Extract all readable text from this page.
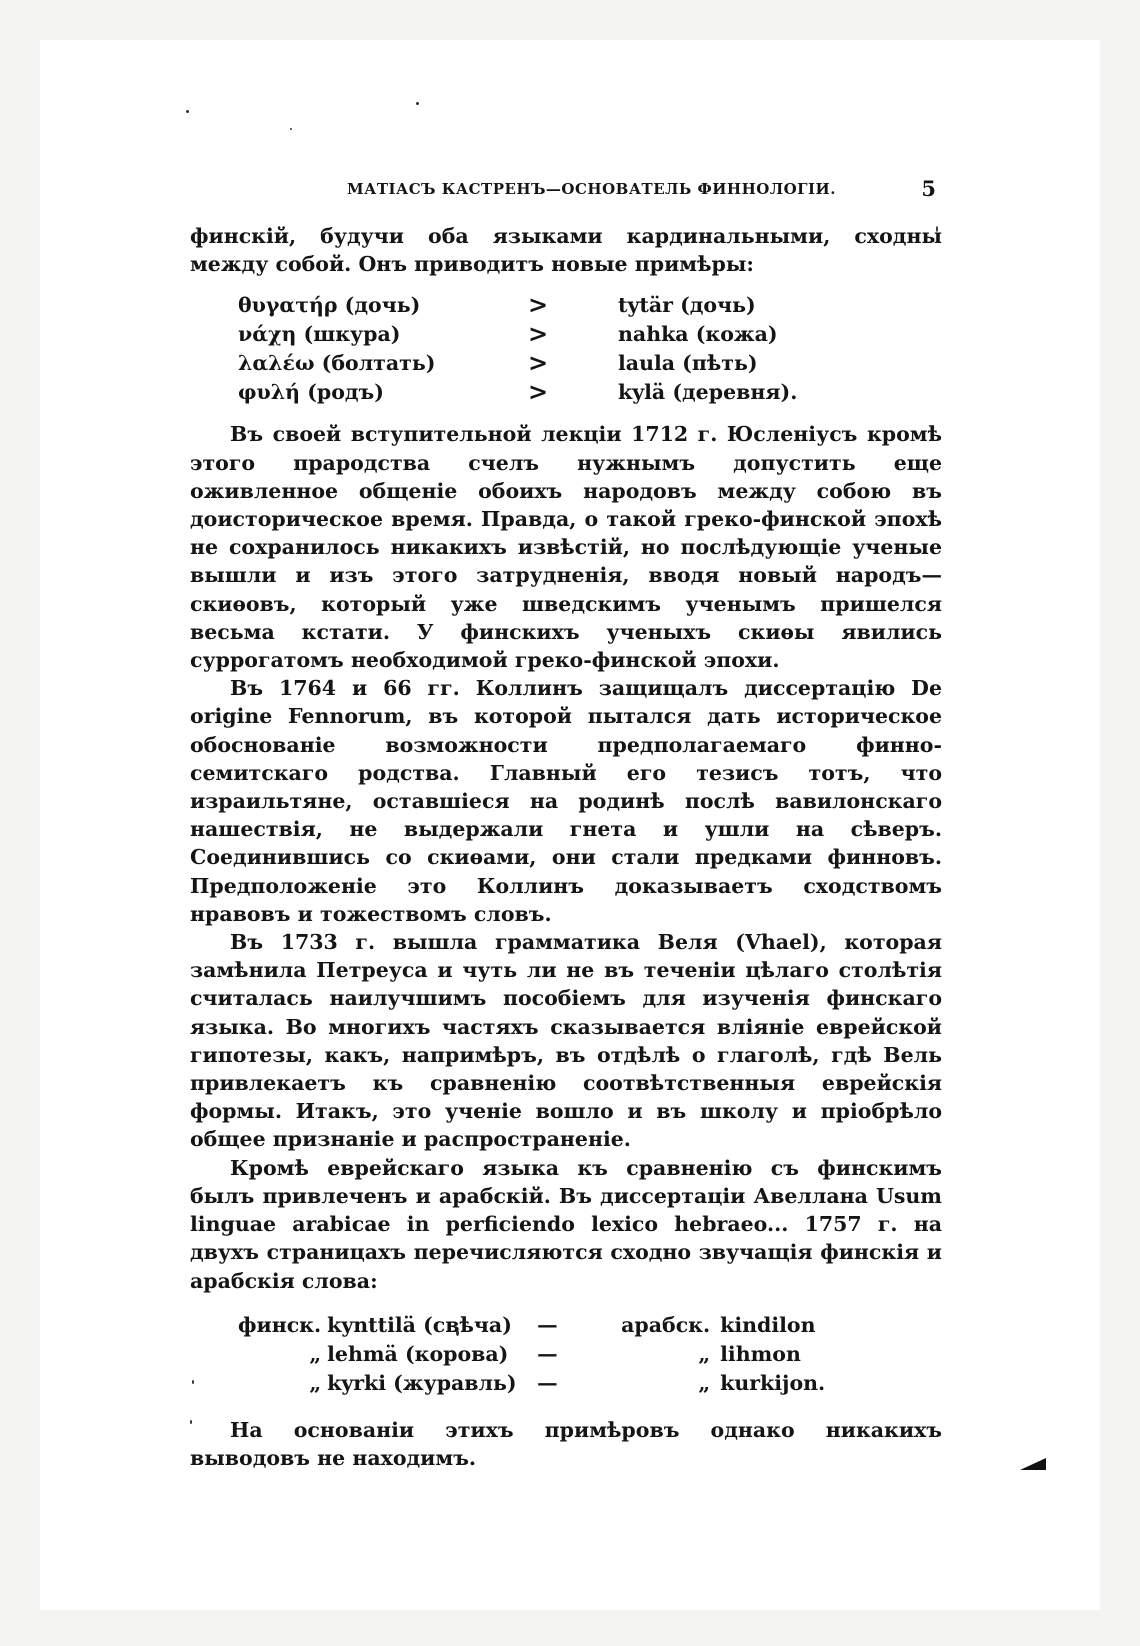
МАТІАСЪ КАСТРЕНЪ—ОСНОВАТЕЛЬ ФИННОЛОГІИ.	5

финскій, будучи оба языками кардинальными, сходны между собой. Онъ приводитъ новые примѣры:

θυγατήρ (дочь)	>	tytär (дочь)
νάχη (шкура)	>	nahka (кожа)
λαλέω (болтать)	>	laula (пѣть)
φυλή (родъ)	>	kylä (деревня).

Въ своей вступительной лекціи 1712 г. Юсленіусъ кромѣ этого прародства счелъ нужнымъ допустить еще оживленное общеніе обоихъ народовъ между собою въ доисторическое время. Правда, о такой греко-финской эпохѣ не сохранилось никакихъ извѣстій, но послѣдующіе ученые вышли и изъ этого затрудненія, вводя новый народъ—скиѳовъ, который уже шведскимъ ученымъ пришелся весьма кстати. У финскихъ ученыхъ скиѳы явились суррогатомъ необходимой греко-финской эпохи.

Въ 1764 и 66 гг. Коллинъ защищалъ диссертацію De origine Fennorum, въ которой пытался дать историческое обоснованіе возможности предполагаемаго финно-семитскаго родства. Главный его тезисъ тотъ, что израильтяне, оставшіеся на родинѣ послѣ вавилонскаго нашествія, не выдержали гнета и ушли на сѣверъ. Соединившись со скиѳами, они стали предками финновъ. Предположеніе это Коллинъ доказываетъ сходствомъ нравовъ и тожествомъ словъ.

Въ 1733 г. вышла грамматика Веля (Vhael), которая замѣнила Петреуса и чуть ли не въ теченіи цѣлаго столѣтія считалась наилучшимъ пособіемъ для изученія финскаго языка. Во многихъ частяхъ сказывается вліяніе еврейской гипотезы, какъ, напримѣръ, въ отдѣлѣ о глаголѣ, гдѣ Вель привлекаетъ къ сравненію соотвѣтственныя еврейскія формы. Итакъ, это ученіе вошло и въ школу и пріобрѣло общее признаніе и распространеніе.

Кромѣ еврейскаго языка къ сравненію съ финскимъ былъ привлеченъ и арабскій. Въ диссертаціи Авеллана Usum linguae arabicae in perficiendo lexico hebraeo... 1757 г. на двухъ страницахъ перечисляются сходно звучащія финскія и арабскія слова:

финск.	kynttilä (свѣча)	—	арабск.	kindilon
„	lehmä (корова)	—	„	lihmon
„	kyrki (журавль)	—	„	kurkijon.

На основаніи этихъ примѣровъ однако никакихъ выводовъ не находимъ.
